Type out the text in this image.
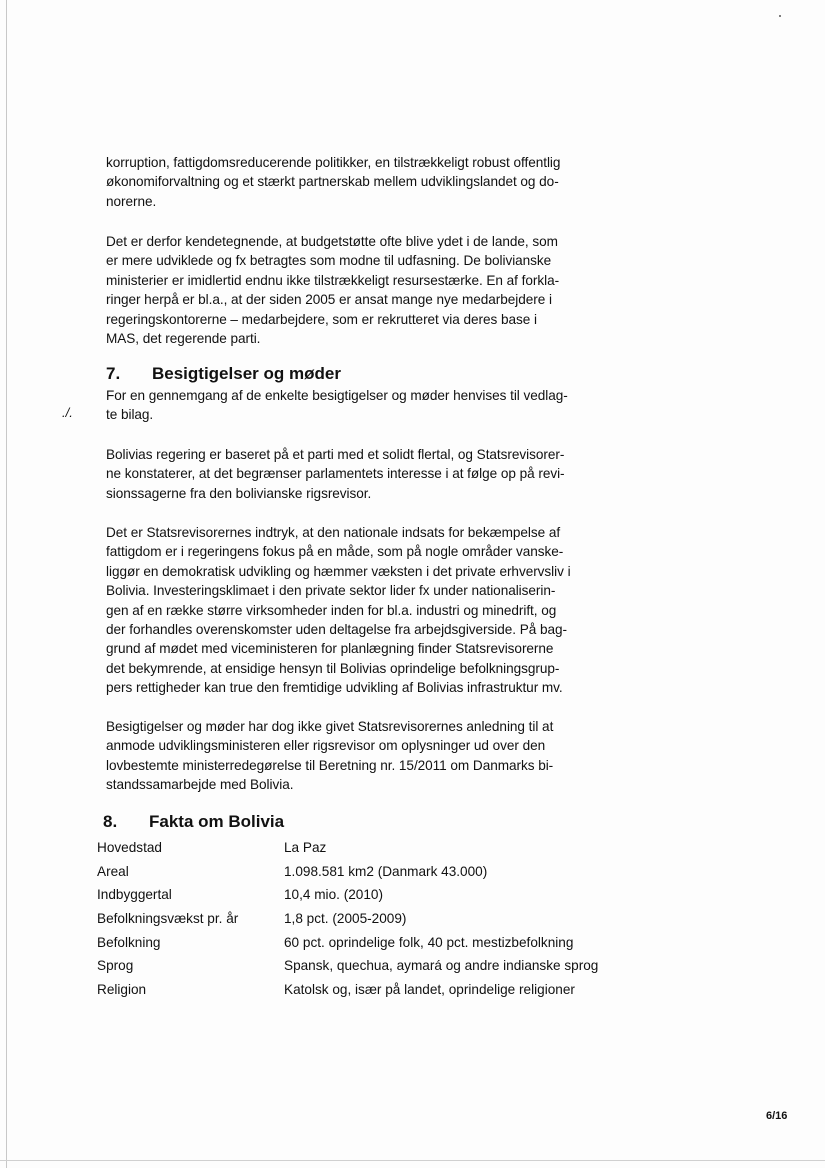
korruption, fattigdomsreducerende politikker, en tilstrækkeligt robust offentlig
økonomiforvaltning og et stærkt partnerskab mellem udviklingslandet og do-
norerne.

Det er derfor kendetegnende, at budgetstøtte ofte blive ydet i de lande, som
er mere udviklede og fx betragtes som modne til udfasning. De bolivianske
ministerier er imidlertid endnu ikke tilstrækkeligt resursestærke. En af forkla-
ringer herpå er bl.a., at der siden 2005 er ansat mange nye medarbejdere i
regeringskontorerne – medarbejdere, som er rekrutteret via deres base i
MAS, det regerende parti.

7. Besigtigelser og møder

For en gennemgang af de enkelte besigtigelser og møder henvises til vedlag-
te bilag.

./.

Bolivias regering er baseret på et parti med et solidt flertal, og Statsrevisorer-
ne konstaterer, at det begrænser parlamentets interesse i at følge op på revi-
sionssagerne fra den bolivianske rigsrevisor.

Det er Statsrevisorernes indtryk, at den nationale indsats for bekæmpelse af
fattigdom er i regeringens fokus på en måde, som på nogle områder vanske-
liggør en demokratisk udvikling og hæmmer væksten i det private erhvervsliv i
Bolivia. Investeringsklimaet i den private sektor lider fx under nationaliserin-
gen af en række større virksomheder inden for bl.a. industri og minedrift, og
der forhandles overenskomster uden deltagelse fra arbejdsgiverside. På bag-
grund af mødet med viceministeren for planlægning finder Statsrevisorerne
det bekymrende, at ensidige hensyn til Bolivias oprindelige befolkningsgrup-
pers rettigheder kan true den fremtidige udvikling af Bolivias infrastruktur mv.

Besigtigelser og møder har dog ikke givet Statsrevisorernes anledning til at
anmode udviklingsministeren eller rigsrevisor om oplysninger ud over den
lovbestemte ministerredegørelse til Beretning nr. 15/2011 om Danmarks bi-
standssamarbejde med Bolivia.

8. Fakta om Bolivia
Hovedstad	La Paz
Areal	1.098.581 km2 (Danmark 43.000)
Indbyggertal	10,4 mio. (2010)
Befolkningsvækst pr. år	1,8 pct. (2005-2009)
Befolkning	60 pct. oprindelige folk, 40 pct. mestizbefolkning
Sprog	Spansk, quechua, aymará og andre indianske sprog
Religion	Katolsk og, især på landet, oprindelige religioner
6/16
